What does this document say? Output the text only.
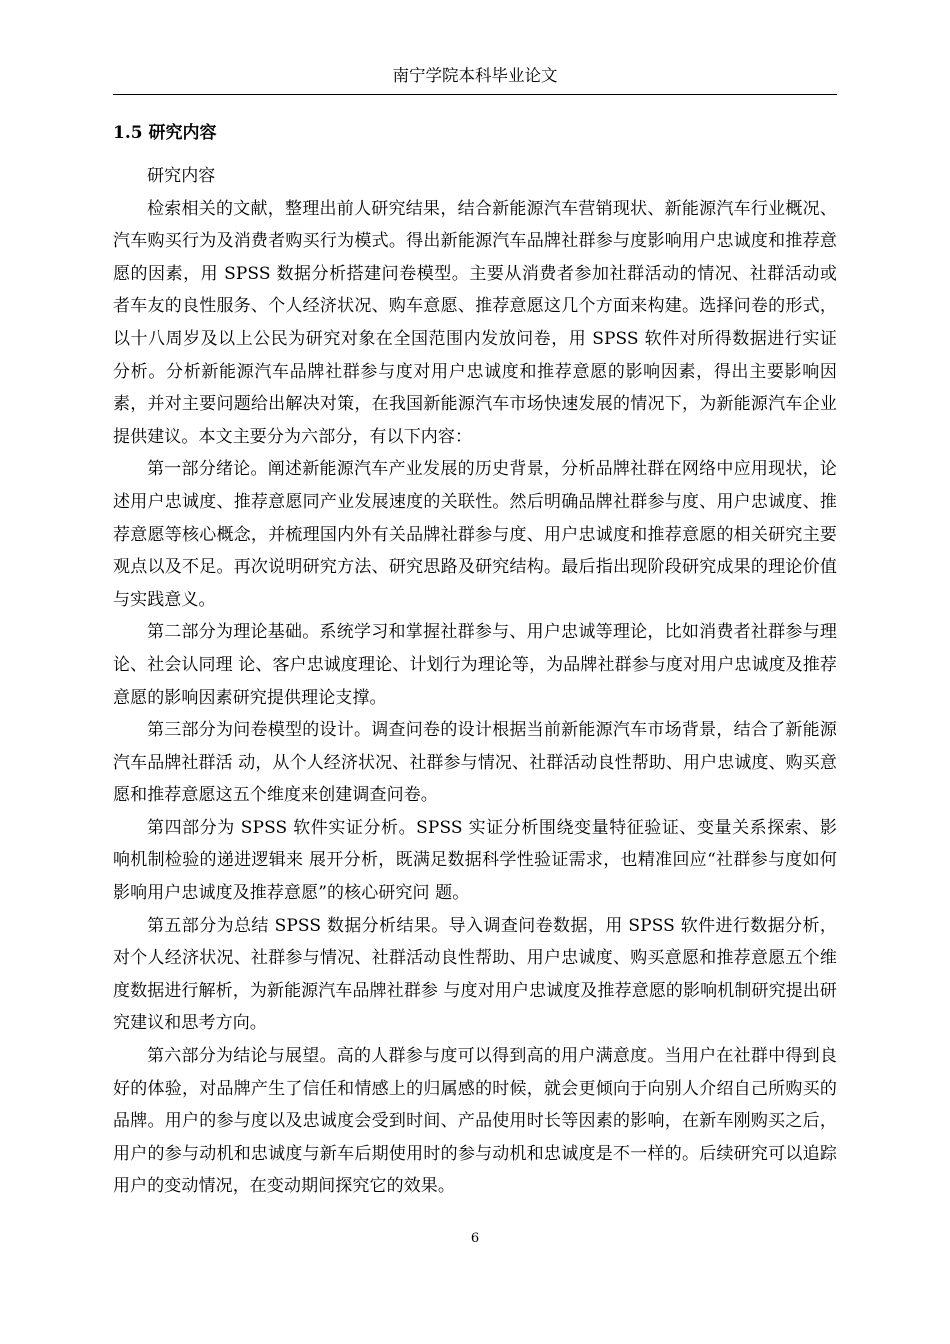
南宁学院本科毕业论文
1.5 研究内容

研究内容

检索相关的文献，整理出前人研究结果，结合新能源汽车营销现状、新能源汽车行业概况、汽车购买行为及消费者购买行为模式。得出新能源汽车品牌社群参与度影响用户忠诚度和推荐意愿的因素，用 SPSS 数据分析搭建问卷模型。主要从消费者参加社群活动的情况、社群活动或者车友的良性服务、个人经济状况、购车意愿、推荐意愿这几个方面来构建。选择问卷的形式，以十八周岁及以上公民为研究对象在全国范围内发放问卷，用 SPSS 软件对所得数据进行实证分析。分析新能源汽车品牌社群参与度对用户忠诚度和推荐意愿的影响因素，得出主要影响因素，并对主要问题给出解决对策，在我国新能源汽车市场快速发展的情况下，为新能源汽车企业提供建议。本文主要分为六部分，有以下内容：

第一部分绪论。阐述新能源汽车产业发展的历史背景，分析品牌社群在网络中应用现状，论述用户忠诚度、推荐意愿同产业发展速度的关联性。然后明确品牌社群参与度、用户忠诚度、推荐意愿等核心概念，并梳理国内外有关品牌社群参与度、用户忠诚度和推荐意愿的相关研究主要观点以及不足。再次说明研究方法、研究思路及研究结构。最后指出现阶段研究成果的理论价值与实践意义。

第二部分为理论基础。系统学习和掌握社群参与、用户忠诚等理论，比如消费者社群参与理论、社会认同理 论、客户忠诚度理论、计划行为理论等，为品牌社群参与度对用户忠诚度及推荐意愿的影响因素研究提供理论支撑。

第三部分为问卷模型的设计。调查问卷的设计根据当前新能源汽车市场背景，结合了新能源汽车品牌社群活 动，从个人经济状况、社群参与情况、社群活动良性帮助、用户忠诚度、购买意愿和推荐意愿这五个维度来创建调查问卷。

第四部分为 SPSS 软件实证分析。SPSS 实证分析围绕变量特征验证、变量关系探索、影响机制检验的递进逻辑来 展开分析，既满足数据科学性验证需求，也精准回应“社群参与度如何影响用户忠诚度及推荐意愿”的核心研究问 题。

第五部分为总结 SPSS 数据分析结果。导入调查问卷数据，用 SPSS 软件进行数据分析，对个人经济状况、社群参与情况、社群活动良性帮助、用户忠诚度、购买意愿和推荐意愿五个维度数据进行解析，为新能源汽车品牌社群参 与度对用户忠诚度及推荐意愿的影响机制研究提出研究建议和思考方向。

第六部分为结论与展望。高的人群参与度可以得到高的用户满意度。当用户在社群中得到良好的体验，对品牌产生了信任和情感上的归属感的时候，就会更倾向于向别人介绍自己所购买的品牌。用户的参与度以及忠诚度会受到时间、产品使用时长等因素的影响，在新车刚购买之后，用户的参与动机和忠诚度与新车后期使用时的参与动机和忠诚度是不一样的。后续研究可以追踪用户的变动情况，在变动期间探究它的效果。

6
